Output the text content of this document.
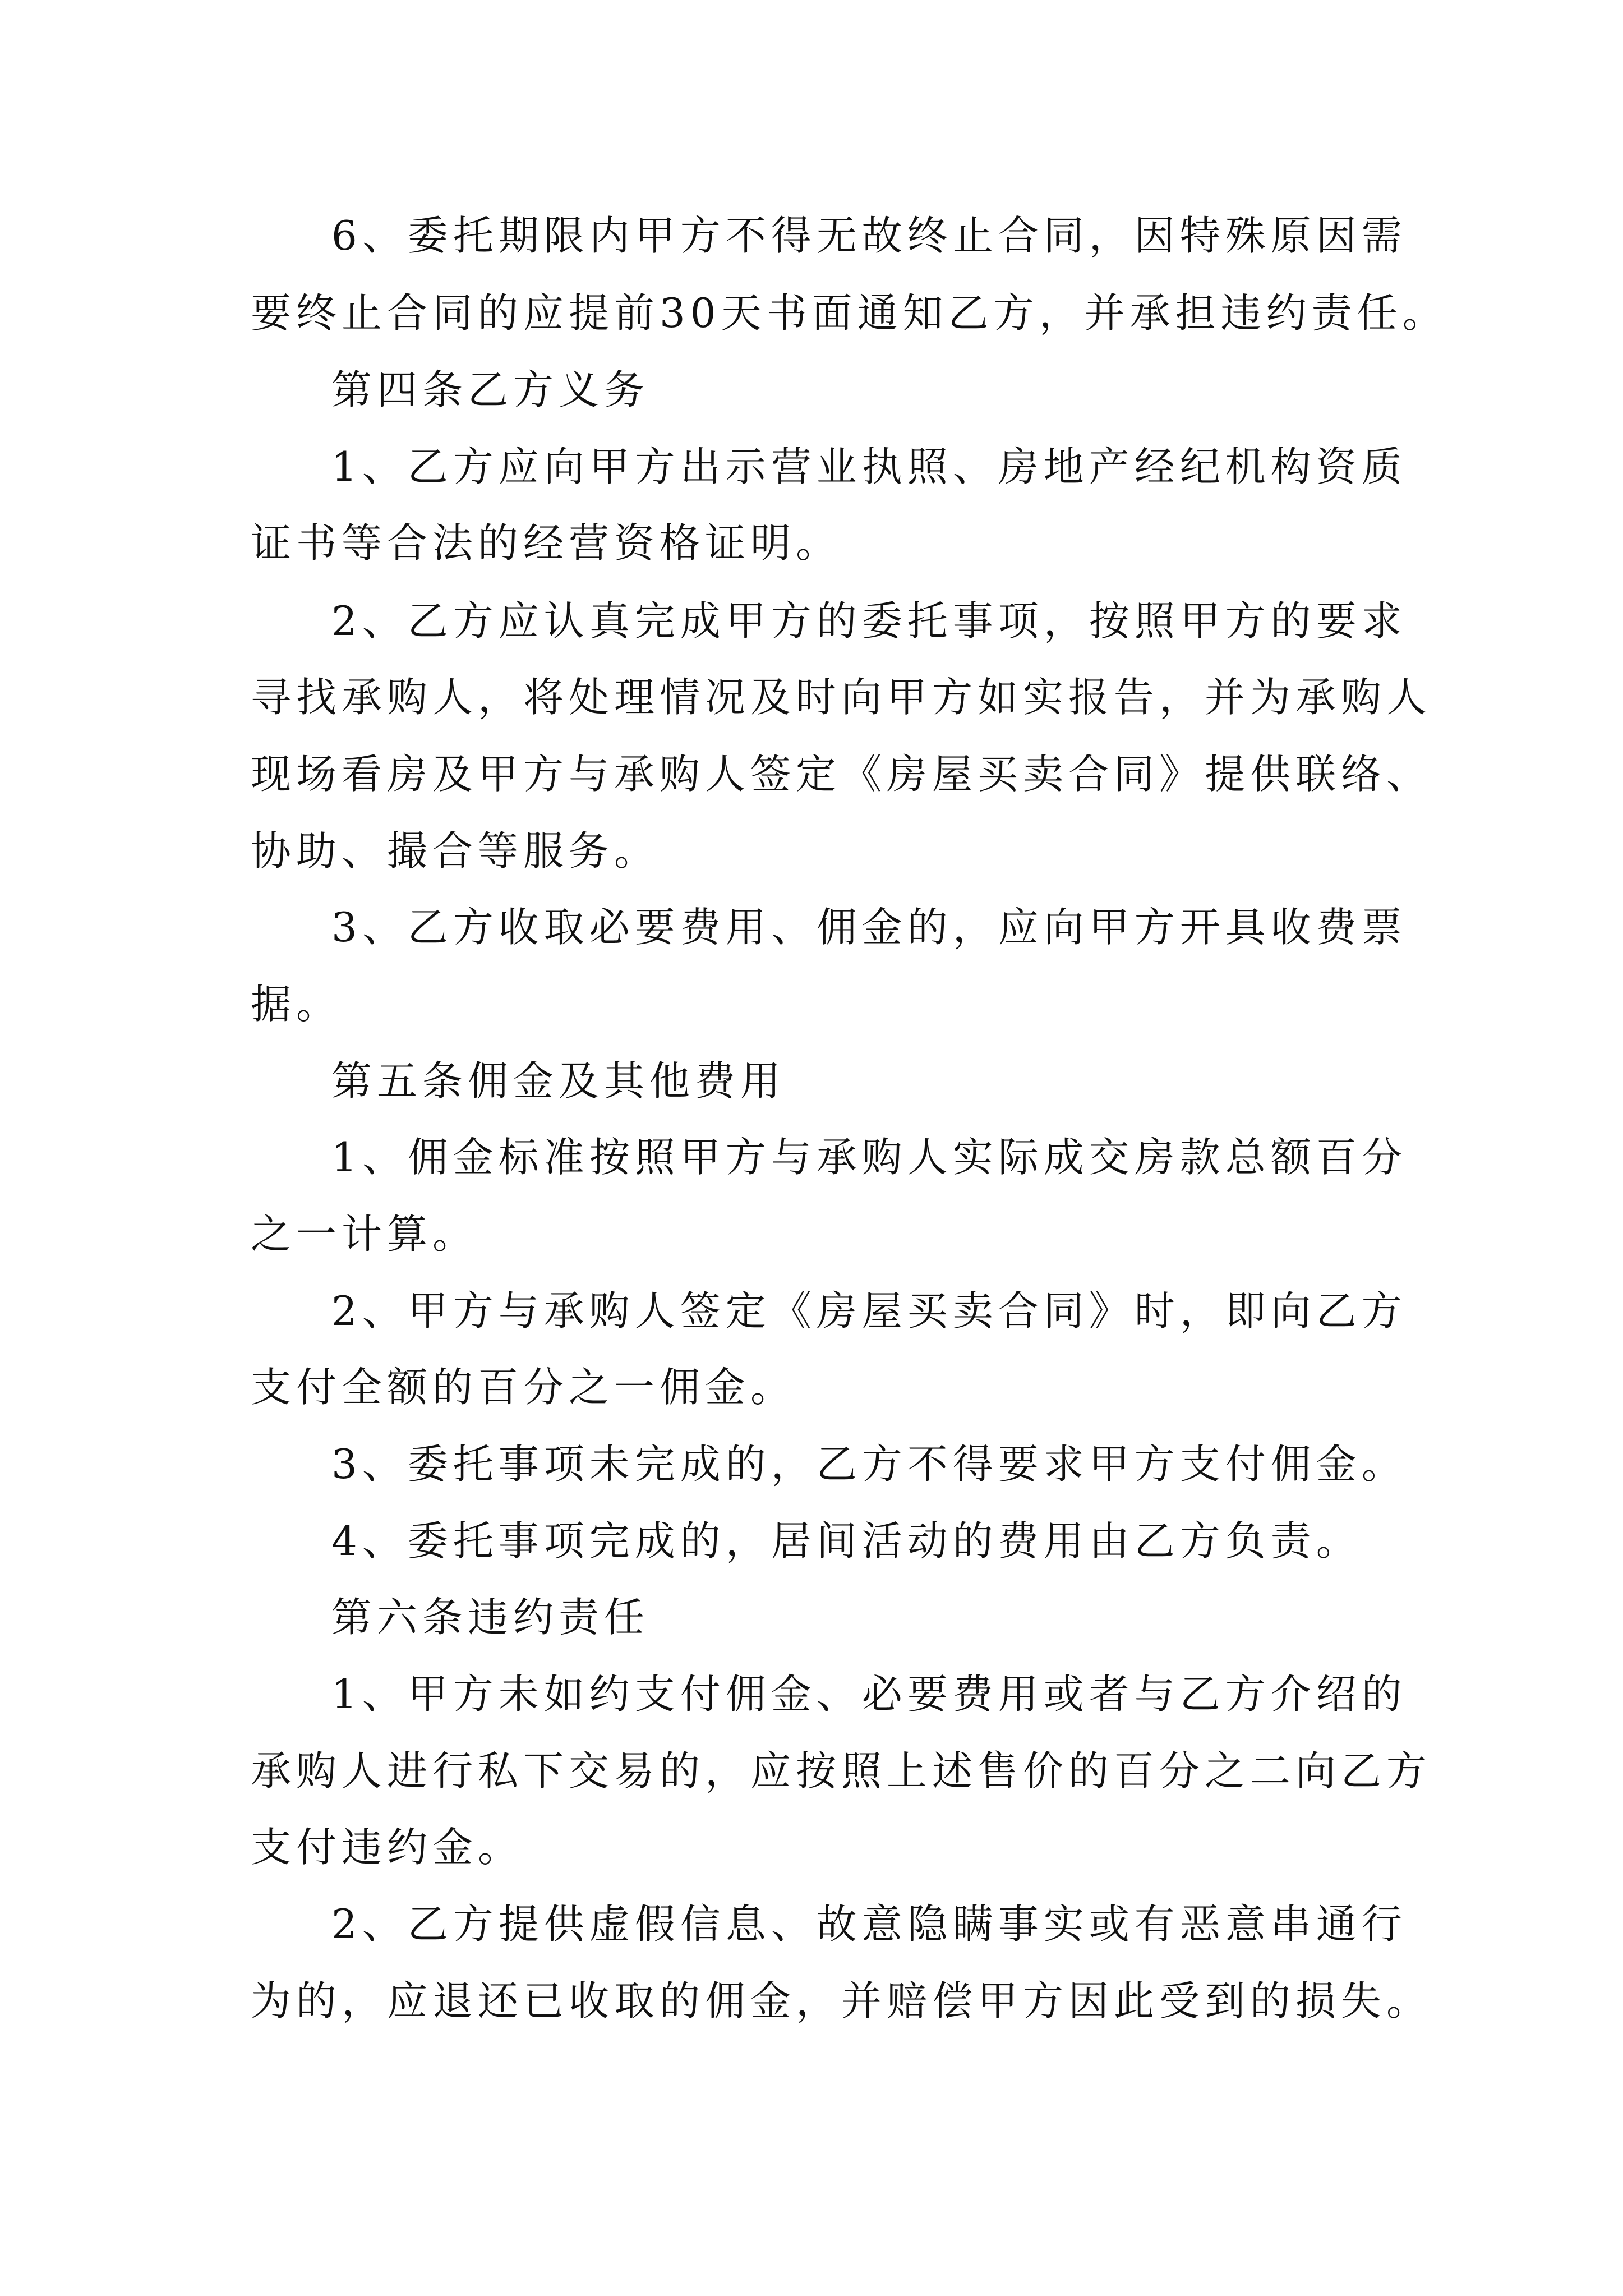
6、委托期限内甲方不得无故终止合同，因特殊原因需
要终止合同的应提前30天书面通知乙方，并承担违约责任。
第四条乙方义务
1、乙方应向甲方出示营业执照、房地产经纪机构资质
证书等合法的经营资格证明。
2、乙方应认真完成甲方的委托事项，按照甲方的要求
寻找承购人，将处理情况及时向甲方如实报告，并为承购人
现场看房及甲方与承购人签定《房屋买卖合同》提供联络、
协助、撮合等服务。
3、乙方收取必要费用、佣金的，应向甲方开具收费票
据。
第五条佣金及其他费用
1、佣金标准按照甲方与承购人实际成交房款总额百分
之一计算。
2、甲方与承购人签定《房屋买卖合同》时，即向乙方
支付全额的百分之一佣金。
3、委托事项未完成的，乙方不得要求甲方支付佣金。
4、委托事项完成的，居间活动的费用由乙方负责。
第六条违约责任
1、甲方未如约支付佣金、必要费用或者与乙方介绍的
承购人进行私下交易的，应按照上述售价的百分之二向乙方
支付违约金。
2、乙方提供虚假信息、故意隐瞒事实或有恶意串通行
为的，应退还已收取的佣金，并赔偿甲方因此受到的损失。
